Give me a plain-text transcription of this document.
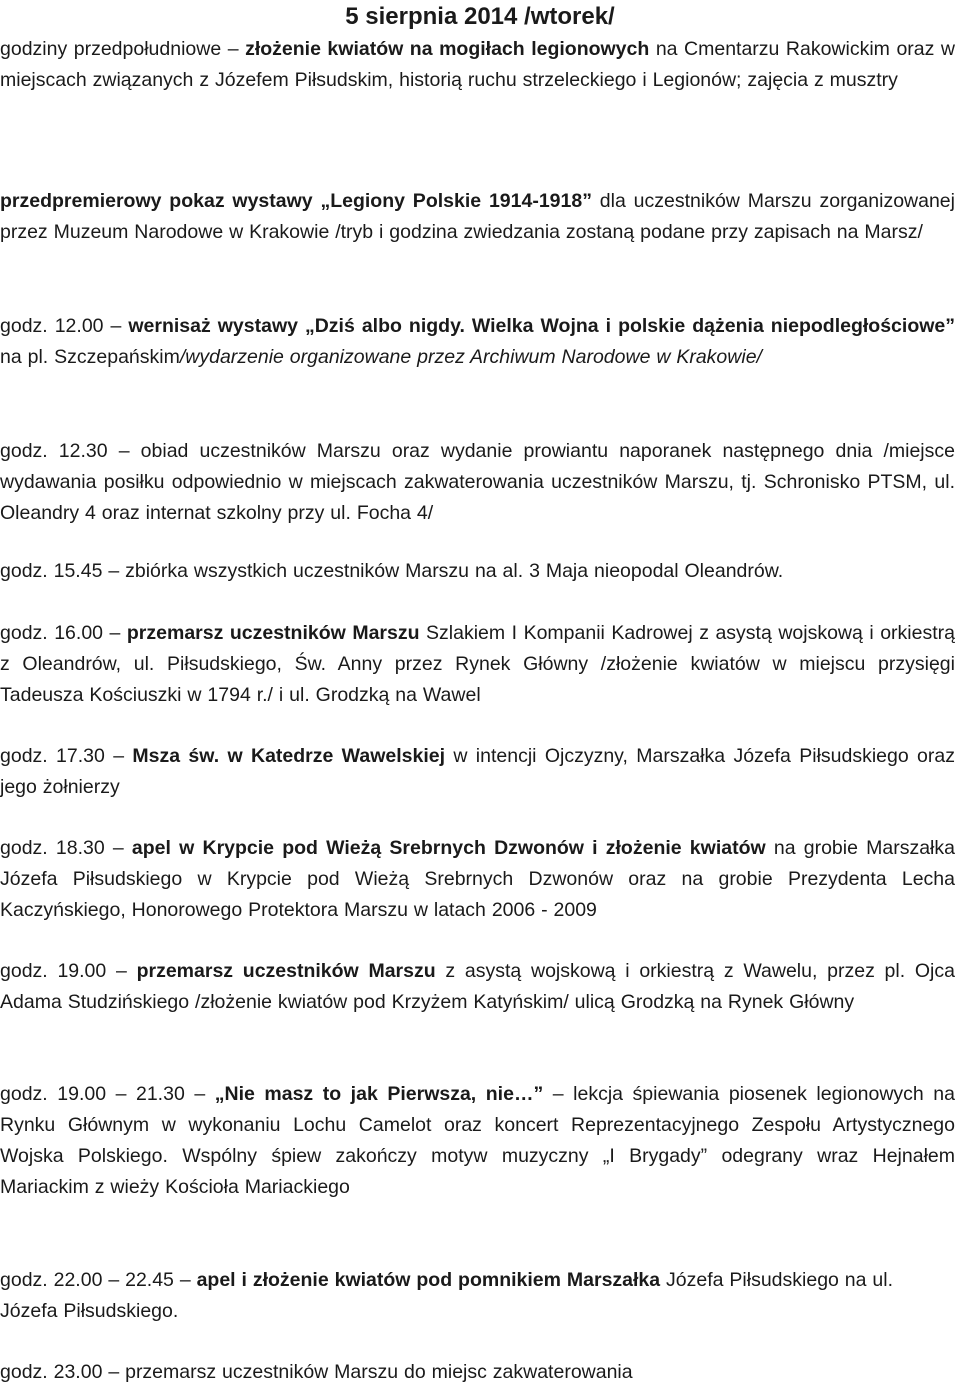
5 sierpnia 2014 /wtorek/

godziny przedpołudniowe – złożenie kwiatów na mogiłach legionowych na Cmentarzu Rakowickim oraz w miejscach związanych z Józefem Piłsudskim, historią ruchu strzeleckiego i Legionów; zajęcia z musztry

przedpremierowy pokaz wystawy „Legiony Polskie 1914-1918” dla uczestników Marszu zorganizowanej przez Muzeum Narodowe w Krakowie /tryb i godzina zwiedzania zostaną podane przy zapisach na Marsz/

godz. 12.00 – wernisaż wystawy „Dziś albo nigdy. Wielka Wojna i polskie dążenia niepodległościowe” na pl. Szczepańskim/wydarzenie organizowane przez Archiwum Narodowe w Krakowie/

godz. 12.30 – obiad uczestników Marszu oraz wydanie prowiantu naporanek następnego dnia /miejsce wydawania posiłku odpowiednio w miejscach zakwaterowania uczestników Marszu, tj. Schronisko PTSM, ul. Oleandry 4 oraz internat szkolny przy ul. Focha 4/

godz. 15.45 – zbiórka wszystkich uczestników Marszu na al. 3 Maja nieopodal Oleandrów.

godz. 16.00 – przemarsz uczestników Marszu Szlakiem I Kompanii Kadrowej z asystą wojskową i orkiestrą z Oleandrów, ul. Piłsudskiego, Św. Anny przez Rynek Główny /złożenie kwiatów w miejscu przysięgi Tadeusza Kościuszki w 1794 r./ i ul. Grodzką na Wawel

godz. 17.30 – Msza św. w Katedrze Wawelskiej w intencji Ojczyzny, Marszałka Józefa Piłsudskiego oraz jego żołnierzy

godz. 18.30 – apel w Krypcie pod Wieżą Srebrnych Dzwonów i złożenie kwiatów na grobie Marszałka Józefa Piłsudskiego w Krypcie pod Wieżą Srebrnych Dzwonów oraz na grobie Prezydenta Lecha Kaczyńskiego, Honorowego Protektora Marszu w latach 2006 - 2009

godz. 19.00 – przemarsz uczestników Marszu z asystą wojskową i orkiestrą z Wawelu, przez pl. Ojca Adama Studzińskiego /złożenie kwiatów pod Krzyżem Katyńskim/ ulicą Grodzką na Rynek Główny

godz. 19.00 – 21.30 – „Nie masz to jak Pierwsza, nie…” – lekcja śpiewania piosenek legionowych na Rynku Głównym w wykonaniu Lochu Camelot oraz koncert Reprezentacyjnego Zespołu Artystycznego Wojska Polskiego. Wspólny śpiew zakończy motyw muzyczny „I Brygady” odegrany wraz Hejnałem Mariackim z wieży Kościoła Mariackiego

godz. 22.00 – 22.45 – apel i złożenie kwiatów pod pomnikiem Marszałka Józefa Piłsudskiego na ul. Józefa Piłsudskiego.

godz. 23.00 – przemarsz uczestników Marszu do miejsc zakwaterowania
